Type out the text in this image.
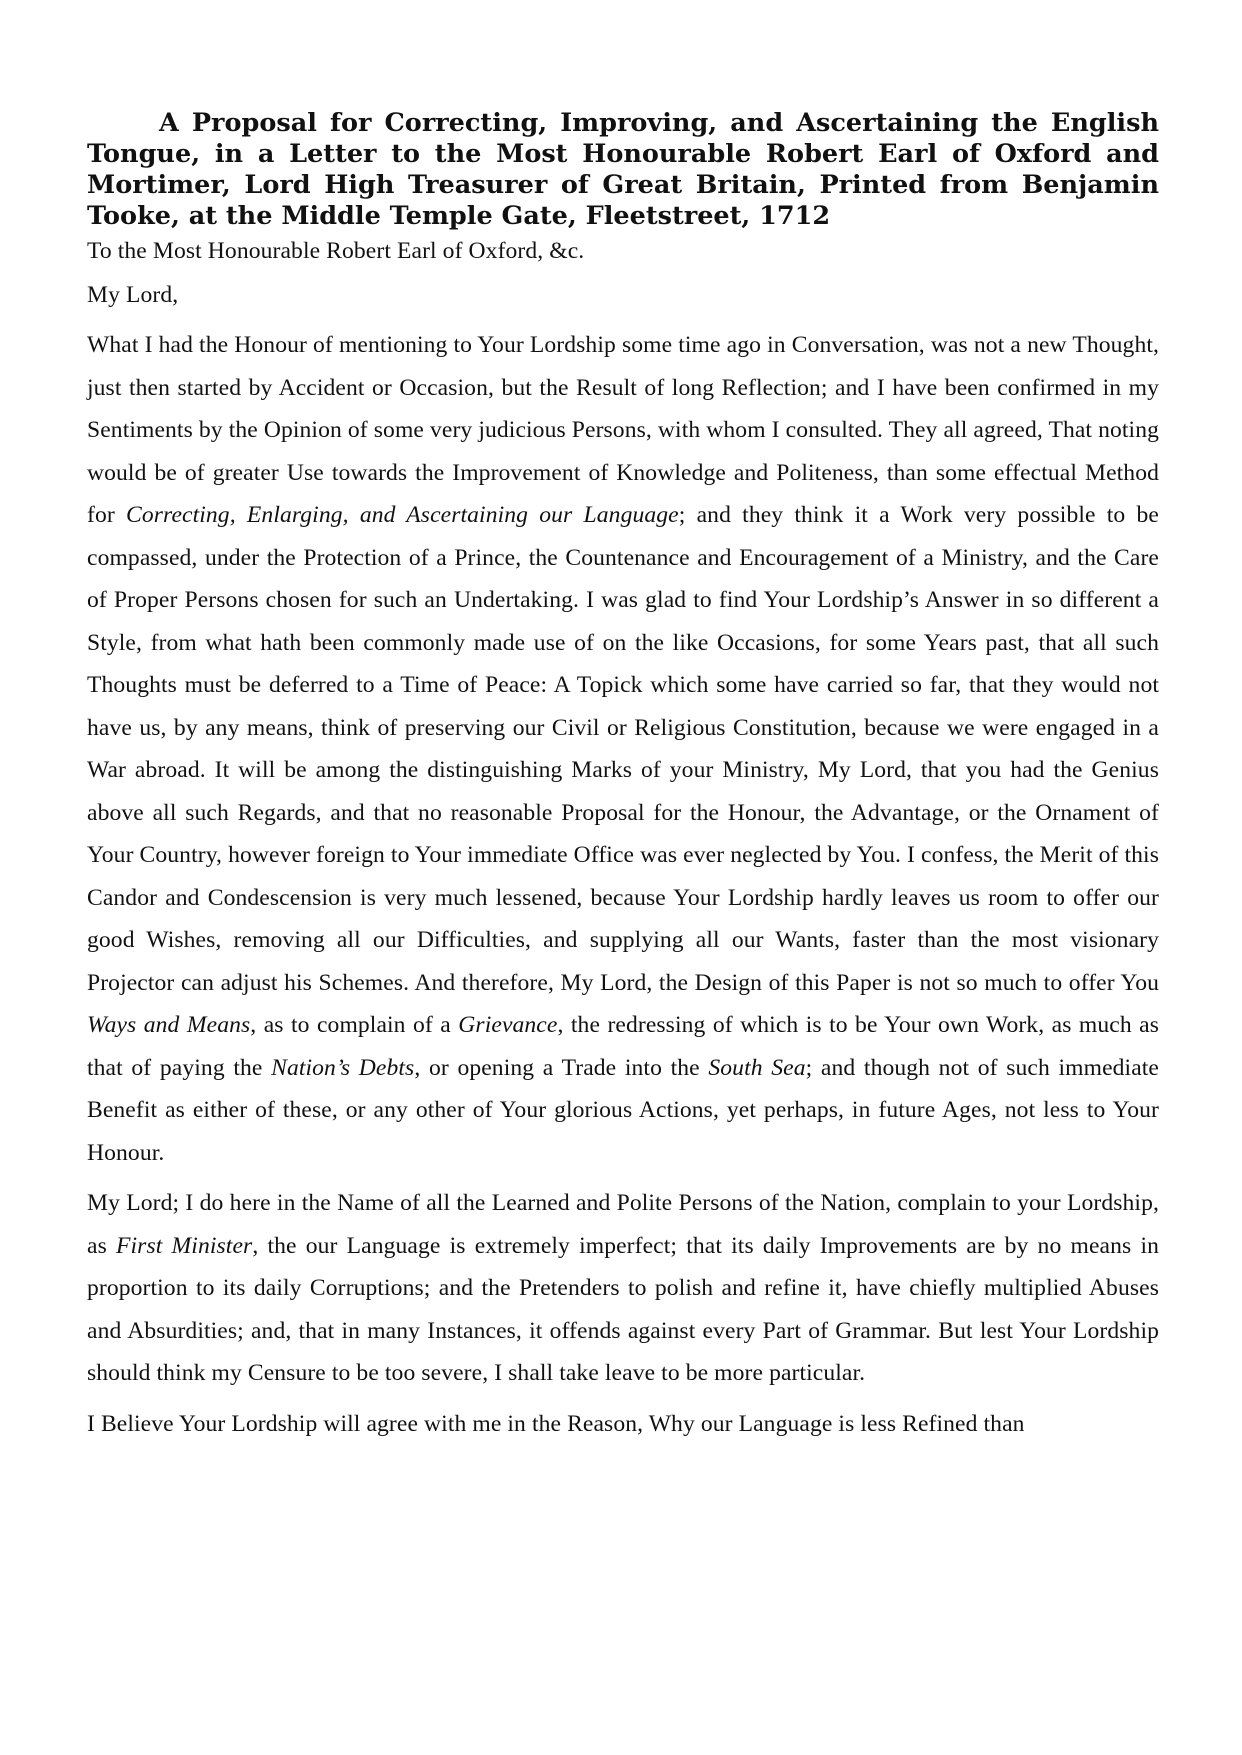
A Proposal for Correcting, Improving, and Ascertaining the English Tongue, in a Letter to the Most Honourable Robert Earl of Oxford and Mortimer, Lord High Treasurer of Great Britain, Printed from Benjamin Tooke, at the Middle Temple Gate, Fleetstreet, 1712

To the Most Honourable Robert Earl of Oxford, &c.

My Lord,

What I had the Honour of mentioning to Your Lordship some time ago in Conversation, was not a new Thought, just then started by Accident or Occasion, but the Result of long Reflection; and I have been confirmed in my Sentiments by the Opinion of some very judicious Persons, with whom I consulted. They all agreed, That noting would be of greater Use towards the Improvement of Knowledge and Politeness, than some effectual Method for Correcting, Enlarging, and Ascertaining our Language; and they think it a Work very possible to be compassed, under the Protection of a Prince, the Countenance and Encouragement of a Ministry, and the Care of Proper Persons chosen for such an Undertaking. I was glad to find Your Lordship’s Answer in so different a Style, from what hath been commonly made use of on the like Occasions, for some Years past, that all such Thoughts must be deferred to a Time of Peace: A Topick which some have carried so far, that they would not have us, by any means, think of preserving our Civil or Religious Constitution, because we were engaged in a War abroad. It will be among the distinguishing Marks of your Ministry, My Lord, that you had the Genius above all such Regards, and that no reasonable Proposal for the Honour, the Advantage, or the Ornament of Your Country, however foreign to Your immediate Office was ever neglected by You. I confess, the Merit of this Candor and Condescension is very much lessened, because Your Lordship hardly leaves us room to offer our good Wishes, removing all our Difficulties, and supplying all our Wants, faster than the most visionary Projector can adjust his Schemes. And therefore, My Lord, the Design of this Paper is not so much to offer You Ways and Means, as to complain of a Grievance, the redressing of which is to be Your own Work, as much as that of paying the Nation’s Debts, or opening a Trade into the South Sea; and though not of such immediate Benefit as either of these, or any other of Your glorious Actions, yet perhaps, in future Ages, not less to Your Honour.

My Lord; I do here in the Name of all the Learned and Polite Persons of the Nation, complain to your Lordship, as First Minister, the our Language is extremely imperfect; that its daily Improvements are by no means in proportion to its daily Corruptions; and the Pretenders to polish and refine it, have chiefly multiplied Abuses and Absurdities; and, that in many Instances, it offends against every Part of Grammar. But lest Your Lordship should think my Censure to be too severe, I shall take leave to be more particular.

I Believe Your Lordship will agree with me in the Reason, Why our Language is less Refined than
